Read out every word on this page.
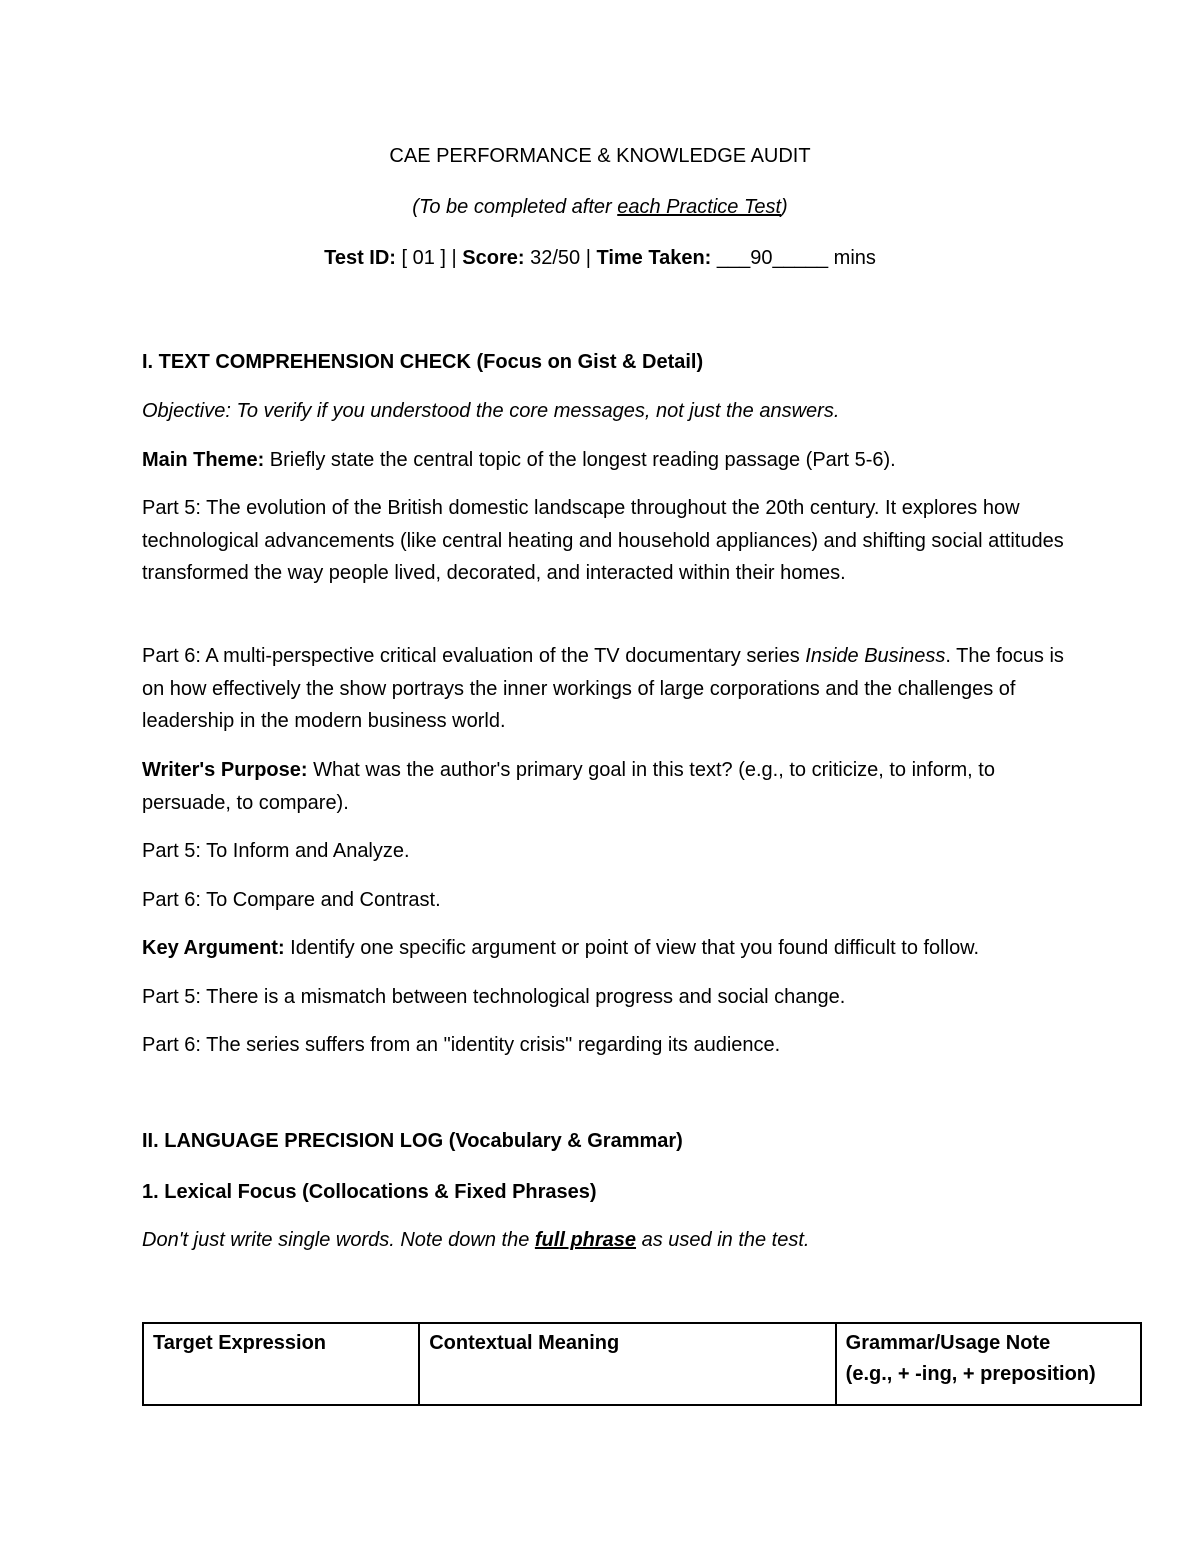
CAE PERFORMANCE & KNOWLEDGE AUDIT
(To be completed after each Practice Test)
Test ID: [ 01 ] | Score: 32/50 | Time Taken: ___90_____ mins
I. TEXT COMPREHENSION CHECK (Focus on Gist & Detail)
Objective: To verify if you understood the core messages, not just the answers.
Main Theme: Briefly state the central topic of the longest reading passage (Part 5-6).
Part 5: The evolution of the British domestic landscape throughout the 20th century. It explores how technological advancements (like central heating and household appliances) and shifting social attitudes transformed the way people lived, decorated, and interacted within their homes.
Part 6: A multi-perspective critical evaluation of the TV documentary series Inside Business. The focus is on how effectively the show portrays the inner workings of large corporations and the challenges of leadership in the modern business world.
Writer's Purpose: What was the author's primary goal in this text? (e.g., to criticize, to inform, to persuade, to compare).
Part 5: To Inform and Analyze.
Part 6: To Compare and Contrast.
Key Argument: Identify one specific argument or point of view that you found difficult to follow.
Part 5: There is a mismatch between technological progress and social change.
Part 6: The series suffers from an "identity crisis" regarding its audience.
II. LANGUAGE PRECISION LOG (Vocabulary & Grammar)
1. Lexical Focus (Collocations & Fixed Phrases)
Don't just write single words. Note down the full phrase as used in the test.
Target Expression	Contextual Meaning	Grammar/Usage Note
(e.g., + -ing, + preposition)
